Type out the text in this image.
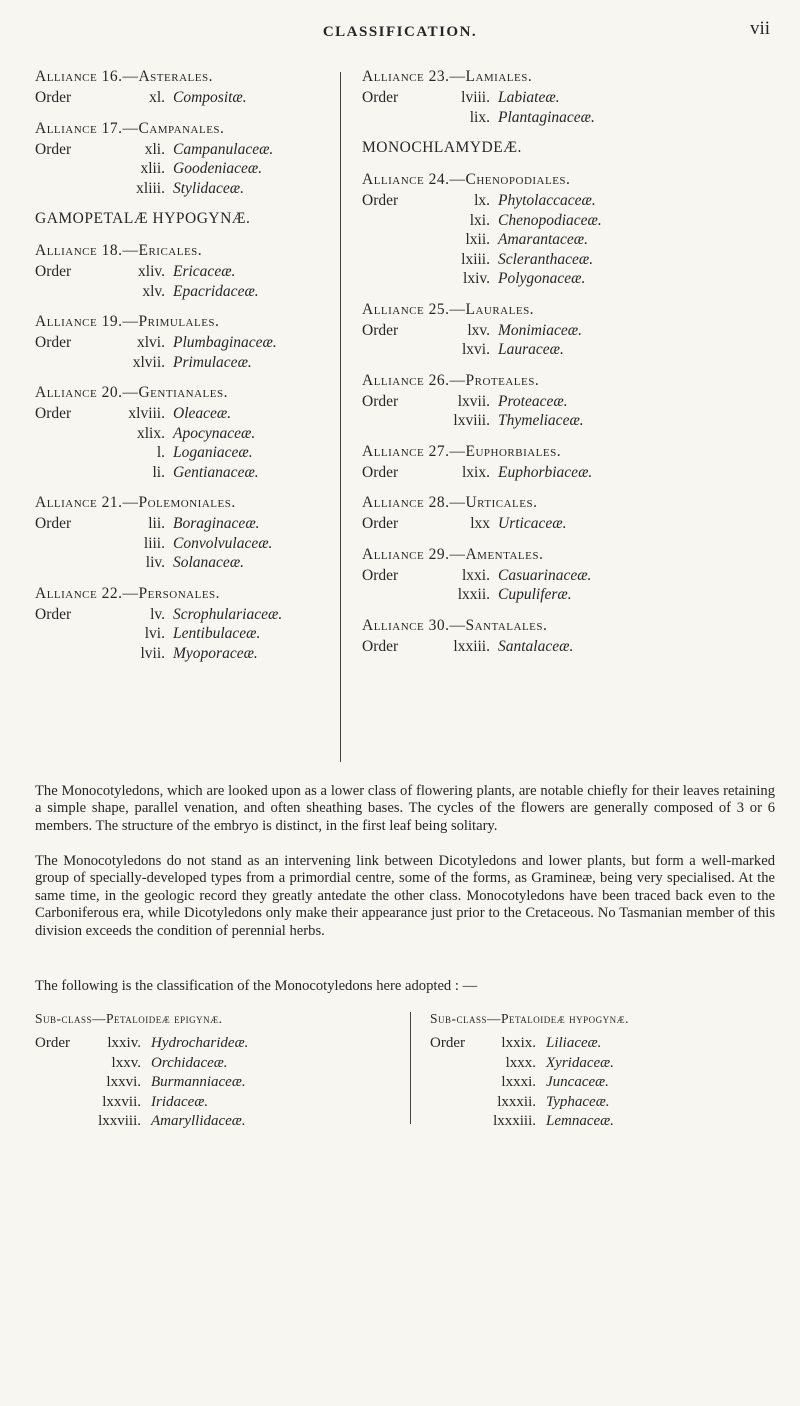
CLASSIFICATION.	vii
Alliance 16.—Asterales.
Order	xl. Compositæ.
Alliance 17.—Campanales.
Order	xli. Campanulaceæ.
xlii. Goodeniaceæ.
xliii. Stylidaceæ.
GAMOPETALÆ HYPOGYNÆ.
Alliance 18.—Ericales.
Order	xliv. Ericaceæ.
xlv. Epacridaceæ.
Alliance 19.—Primulales.
Order	xlvi. Plumbaginaceæ.
xlvii. Primulaceæ.
Alliance 20.—Gentianales.
Order	xlviii. Oleaceæ.
xlix. Apocynaceæ.
l. Loganiaceæ.
li. Gentianaceæ.
Alliance 21.—Polemoniales.
Order	lii. Boraginaceæ.
liii. Convolvulaceæ.
liv. Solanaceæ.
Alliance 22.—Personales.
Order	lv. Scrophulariaceæ.
lvi. Lentibulaceæ.
lvii. Myoporaceæ.
Alliance 23.—Lamiales.
Order	lviii. Labiateæ.
lix. Plantaginaceæ.
MONOCHLAMYDEÆ.
Alliance 24.—Chenopodiales.
Order	lx. Phytolaccaceæ.
lxi. Chenopodiaceæ.
lxii. Amarantaceæ.
lxiii. Scleranthaceæ.
lxiv. Polygonaceæ.
Alliance 25.—Laurales.
Order	lxv. Monimiaceæ.
lxvi. Lauraceæ.
Alliance 26.—Proteales.
Order	lxvii. Proteaceæ.
lxviii. Thymeliaceæ.
Alliance 27.—Euphorbiales.
Order	lxix. Euphorbiaceæ.
Alliance 28.—Urticales.
Order	lxx Urticaceæ.
Alliance 29.—Amentales.
Order	lxxi. Casuarinaceæ.
lxxii. Cupuliferæ.
Alliance 30.—Santalales.
Order	lxxiii. Santalaceæ.

The Monocotyledons, which are looked upon as a lower class of flowering plants, are notable chiefly for their leaves retaining a simple shape, parallel venation, and often sheathing bases. The cycles of the flowers are generally composed of 3 or 6 members. The structure of the embryo is distinct, in the first leaf being solitary.

The Monocotyledons do not stand as an intervening link between Dicotyledons and lower plants, but form a well-marked group of specially-developed types from a primordial centre, some of the forms, as Gramineæ, being very specialised. At the same time, in the geologic record they greatly antedate the other class. Monocotyledons have been traced back even to the Carboniferous era, while Dicotyledons only make their appearance just prior to the Cretaceous. No Tasmanian member of this division exceeds the condition of perennial herbs.

The following is the classification of the Monocotyledons here adopted : —

Sub-class—Petaloideæ epigynæ.
Order	lxxiv. Hydrocharideæ.
lxxv. Orchidaceæ.
lxxvi. Burmanniaceæ.
lxxvii. Iridaceæ.
lxxviii. Amaryllidaceæ.
Sub-class—Petaloideæ hypogynæ.
Order	lxxix. Liliaceæ.
lxxx. Xyridaceæ.
lxxxi. Juncaceæ.
lxxxii. Typhaceæ.
lxxxiii. Lemnaceæ.
